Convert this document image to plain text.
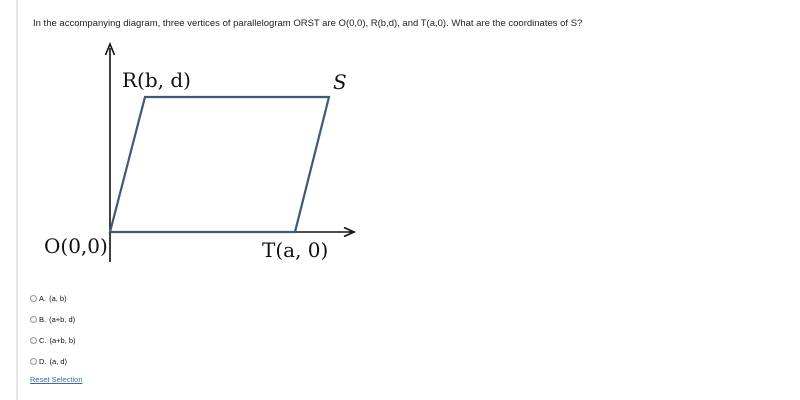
In the accompanying diagram, three vertices of parallelogram ORST are O(0,0), R(b,d), and T(a,0). What are the coordinates of S?
R(b, d)	S
O(0,0)	T(a, 0)
A. (a, b)
B. (a+b, d)
C. (a+b, b)
D. (a, d)
Reset Selection
